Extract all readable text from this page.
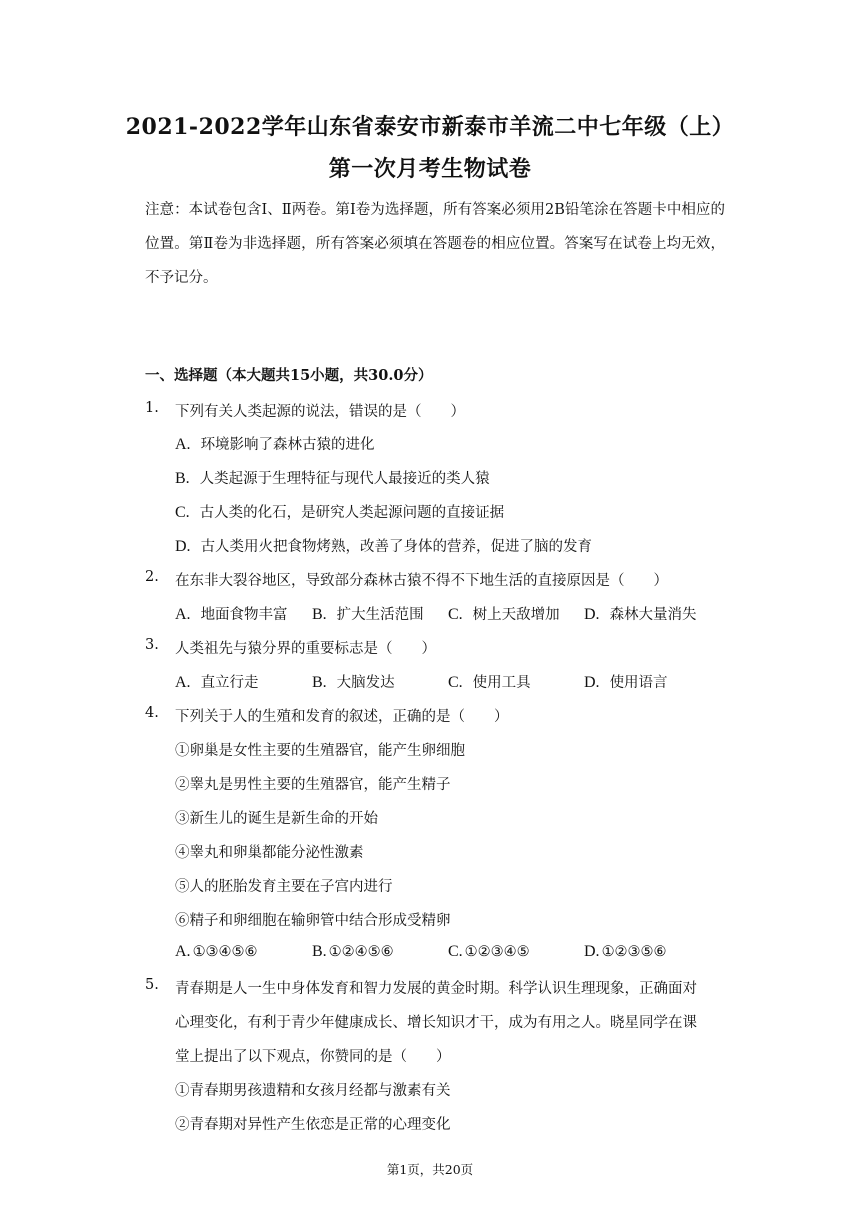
2021-2022学年山东省泰安市新泰市羊流二中七年级（上）
第一次月考生物试卷
注意：本试卷包含Ⅰ、Ⅱ两卷。第Ⅰ卷为选择题，所有答案必须用2B铅笔涂在答题卡中相应的位置。第Ⅱ卷为非选择题，所有答案必须填在答题卷的相应位置。答案写在试卷上均无效，不予记分。
一、选择题（本大题共15小题，共30.0分）
1. 下列有关人类起源的说法，错误的是（　　）
A. 环境影响了森林古猿的进化
B. 人类起源于生理特征与现代人最接近的类人猿
C. 古人类的化石，是研究人类起源问题的直接证据
D. 古人类用火把食物烤熟，改善了身体的营养，促进了脑的发育
2. 在东非大裂谷地区，导致部分森林古猿不得不下地生活的直接原因是（　　）
A. 地面食物丰富 B. 扩大生活范围 C. 树上天敌增加 D. 森林大量消失
3. 人类祖先与猿分界的重要标志是（　　）
A. 直立行走	B. 大脑发达	C. 使用工具	D. 使用语言
4. 下列关于人的生殖和发育的叙述，正确的是（　　）
①卵巢是女性主要的生殖器官，能产生卵细胞
②睾丸是男性主要的生殖器官，能产生精子
③新生儿的诞生是新生命的开始
④睾丸和卵巢都能分泌性激素
⑤人的胚胎发育主要在子宫内进行
⑥精子和卵细胞在输卵管中结合形成受精卵
A. ①③④⑤⑥	B. ①②④⑤⑥	C. ①②③④⑤	D. ①②③⑤⑥
5. 青春期是人一生中身体发育和智力发展的黄金时期。科学认识生理现象，正确面对
心理变化，有利于青少年健康成长、增长知识才干，成为有用之人。晓星同学在课
堂上提出了以下观点，你赞同的是（　　）
①青春期男孩遗精和女孩月经都与激素有关
②青春期对异性产生依恋是正常的心理变化
第1页，共20页
